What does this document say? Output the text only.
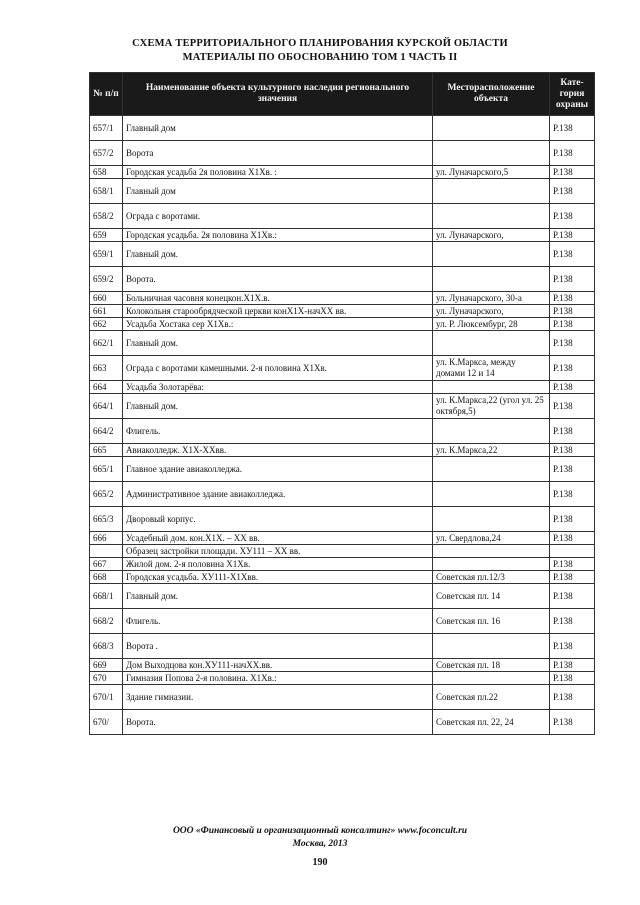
СХЕМА ТЕРРИТОРИАЛЬНОГО ПЛАНИРОВАНИЯ КУРСКОЙ ОБЛАСТИ
МАТЕРИАЛЫ ПО ОБОСНОВАНИЮ ТОМ 1 ЧАСТЬ II
№ п/п	Наименование объекта культурного наследия регионального значения	Месторасположение объекта	Кате-гория охраны
657/1	Главный дом		Р.138
657/2	Ворота		Р.138
658	Городская усадьба 2я половина Х1Хв. :	ул. Луначарского,5	Р.138
658/1	Главный дом		Р.138
658/2	Ограда с воротами.		Р.138
659	Городская усадьба. 2я половина Х1Хв.:	ул. Луначарского,	Р.138
659/1	Главный дом.		Р.138
659/2	Ворота.		Р.138
660	Больничная часовня конецкон.Х1Х.в.	ул. Луначарского, 30-а	Р.138
661	Колокольня старообрядческой церкви конХ1Х-начХХ вв.	ул. Луначарского,	Р.138
662	Усадьба Хостака сер Х1Хв.:	ул. Р. Люксембург, 28	Р.138
662/1	Главный дом.		Р.138
663	Ограда с воротами камешными. 2-я половина Х1Хв.	ул. К.Маркса, между домами 12 и 14	Р.138
664	Усадьба Золотарёва:		Р.138
664/1	Главный дом.	ул. К.Маркса,22 (угол ул. 25 октября,5)	Р.138
664/2	Флигель.		Р.138
665	Авиаколледж. Х1Х-ХХвв.	ул. К.Маркса,22	Р.138
665/1	Главное здание авиаколледжа.		Р.138
665/2	Административное здание авиаколледжа.		Р.138
665/3	Дворовый корпус.		Р.138
666	Усадебный дом. кон.Х1Х. – ХХ вв.	ул. Свердлова,24	Р.138
	Образец застройки площади. ХУ111 – ХХ вв.		
667	Жилой дом. 2-я половина Х1Хв.		Р.138
668	Городская усадьба. ХУ111-Х1Хвв.	Советская пл.12/3	Р.138
668/1	Главный дом.	Советская пл. 14	Р.138
668/2	Флигель.	Советская пл. 16	Р.138
668/3	Ворота .		Р.138
669	Дом Выходцова кон.ХУ111-начХХ.вв.	Советская пл. 18	Р.138
670	Гимназия Попова 2-я половина. Х1Хв.:		Р.138
670/1	Здание гимназии.	Советская пл.22	Р.138
670/	Ворота.	Советская пл. 22, 24	Р.138
ООО «Финансовый и организационный консалтинг» www.foconcult.ru
Москва, 2013
190
